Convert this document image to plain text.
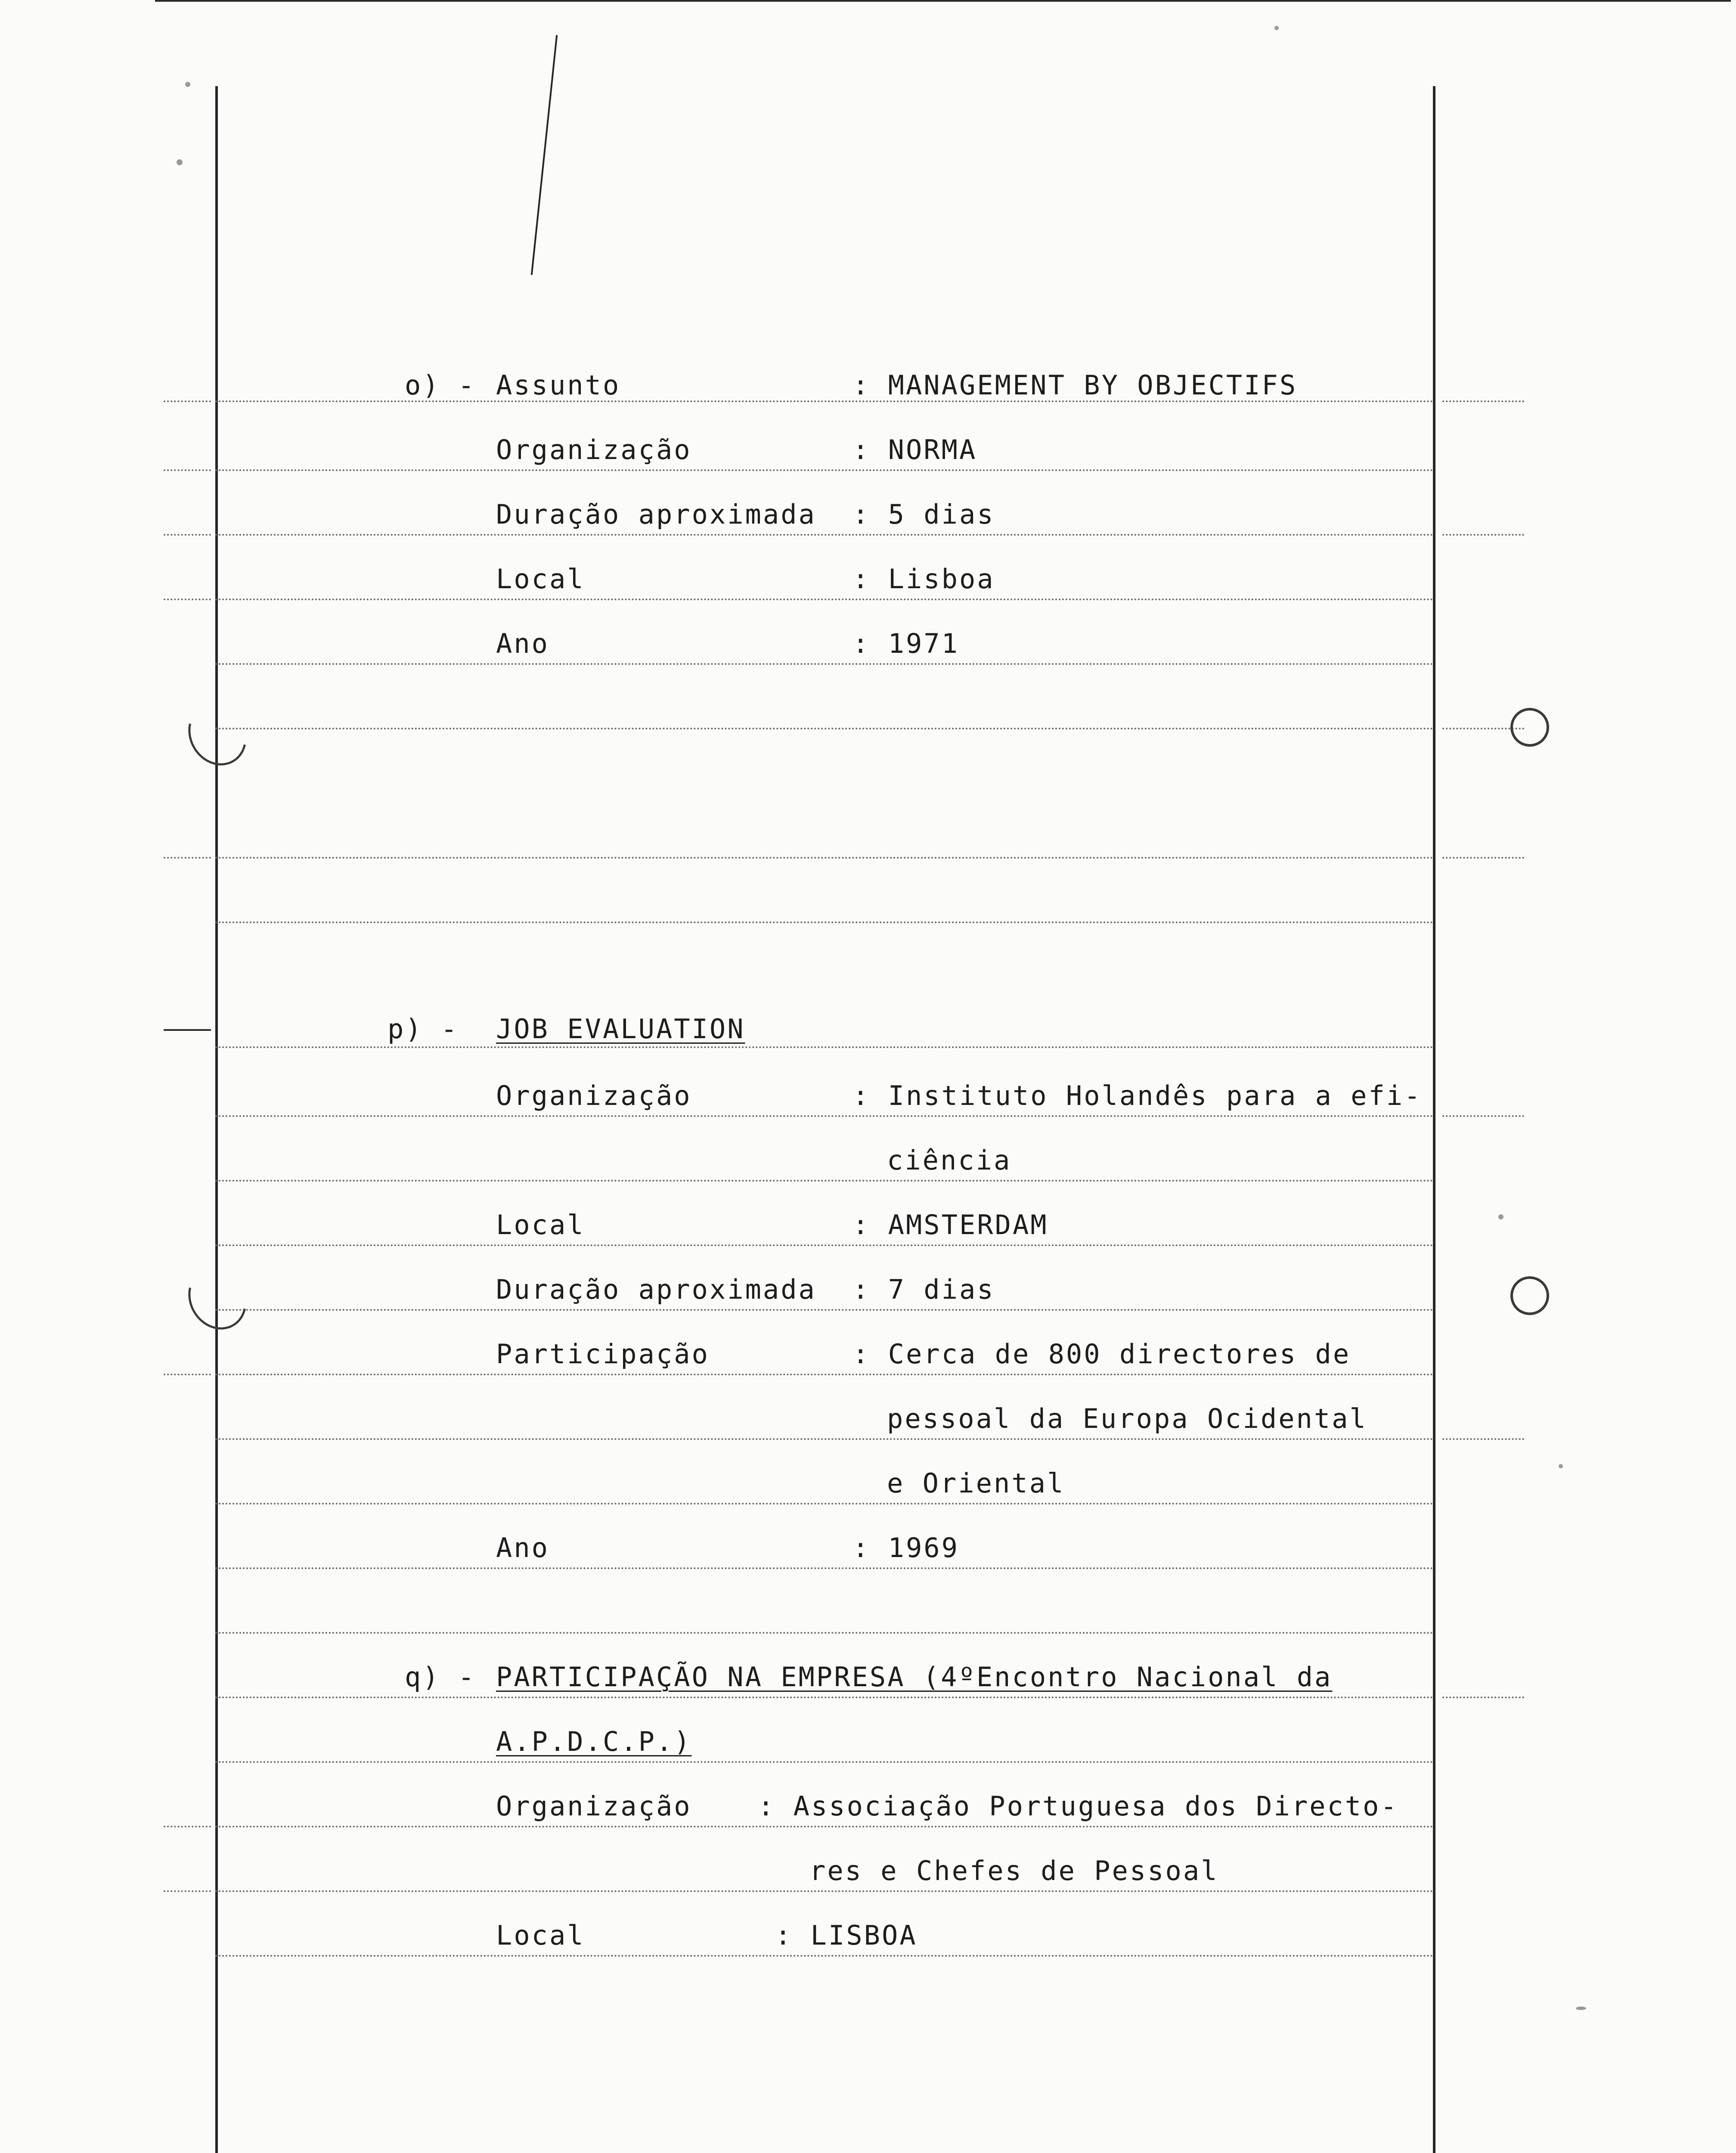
o) - Assunto	: MANAGEMENT BY OBJECTIFS
Organização	: NORMA
Duração aproximada : 5 dias
Local	: Lisboa
Ano	: 1971
p) - JOB EVALUATION
Organização	: Instituto Holandês para a efi-
ciência
Local	: AMSTERDAM
Duração aproximada : 7 dias
Participação	: Cerca de 800 directores de
pessoal da Europa Ocidental
e Oriental
Ano	: 1969
q) - PARTICIPAÇÃO NA EMPRESA (4ºEncontro Nacional da
A.P.D.C.P.)
Organização : Associação Portuguesa dos Directo-
res e Chefes de Pessoal
Local	: LISBOA
